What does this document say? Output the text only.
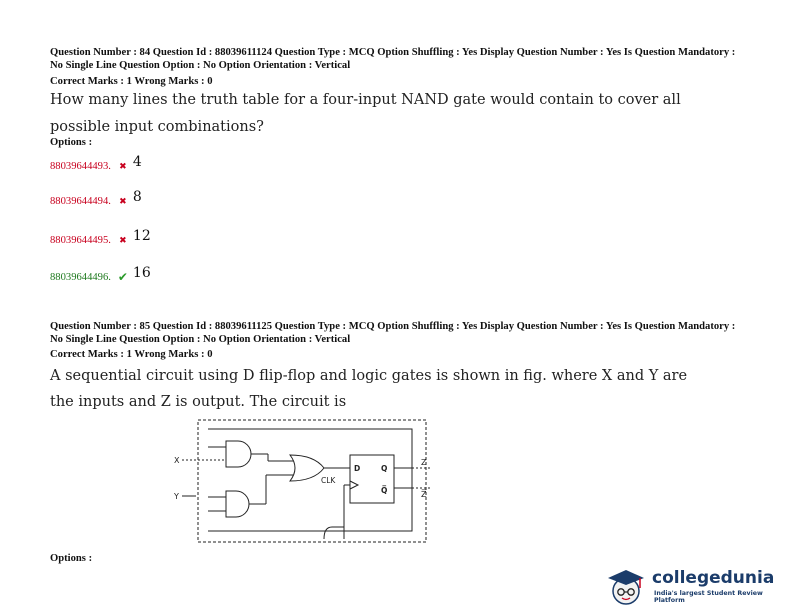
Question Number : 84 Question Id : 88039611124 Question Type : MCQ Option Shuffling : Yes Display Question Number : Yes Is Question Mandatory : No Single Line Question Option : No Option Orientation : Vertical
Correct Marks : 1 Wrong Marks : 0
How many lines the truth table for a four-input NAND gate would contain to cover all
possible input combinations?
Options :
88039644493. ✖ 4
88039644494. ✖ 8
88039644495. ✖ 12
88039644496. ✔ 16
Question Number : 85 Question Id : 88039611125 Question Type : MCQ Option Shuffling : Yes Display Question Number : Yes Is Question Mandatory : No Single Line Question Option : No Option Orientation : Vertical
Correct Marks : 1 Wrong Marks : 0
A sequential circuit using D flip-flop and logic gates is shown in fig. where X and Y are
the inputs and Z is output. The circuit is
X
Y
D	Q
Q̅
CLK
Z
Z̅
Options :
collegedunia
India's largest Student Review Platform
